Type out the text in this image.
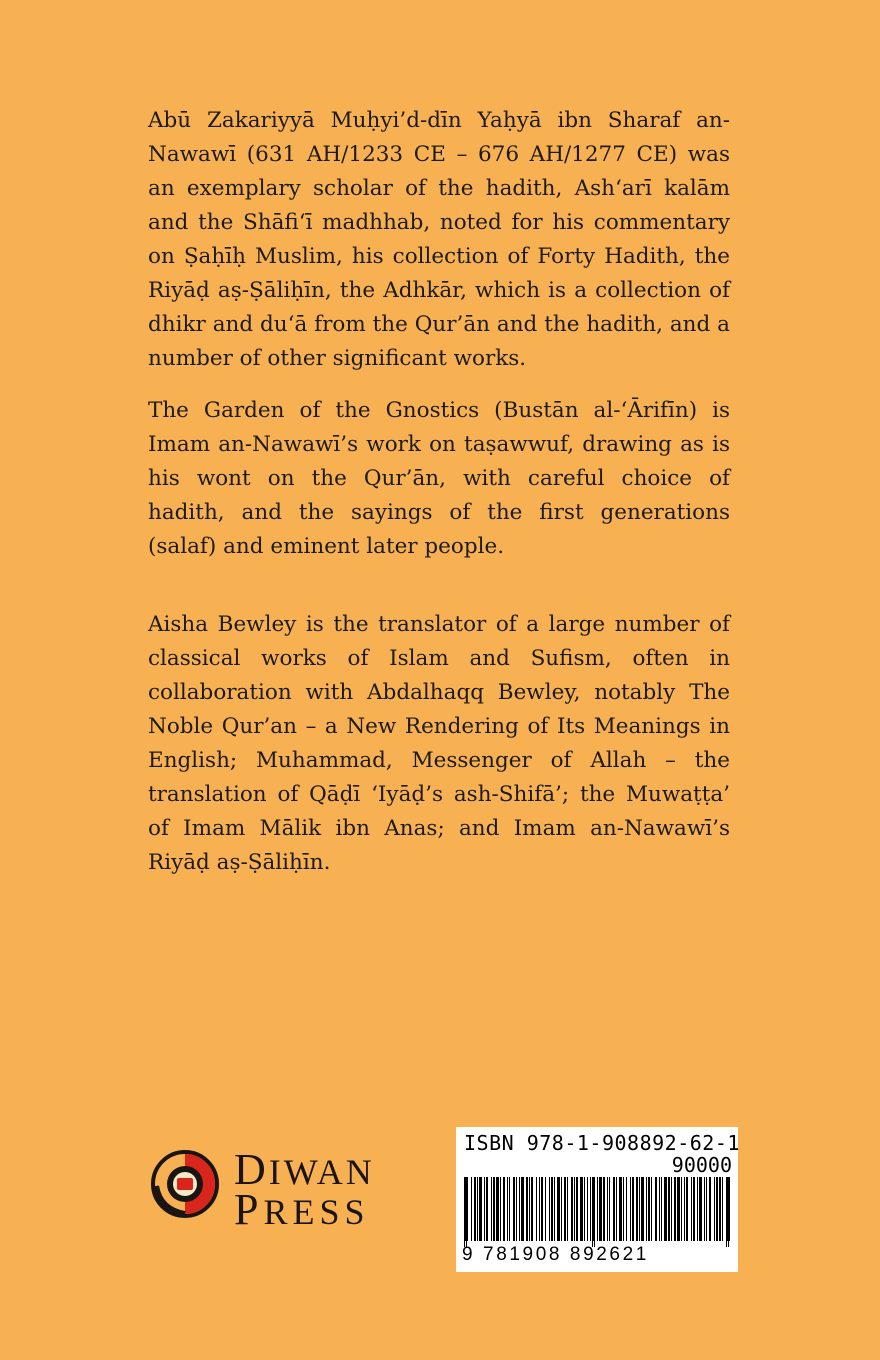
Abū Zakariyyā Muḥyi’d-dīn Yaḥyā ibn Sharaf an-Nawawī (631 AH/1233 CE – 676 AH/1277 CE) was an exemplary scholar of the hadith, Ash‘arī kalām and the Shāfi‘ī madhhab, noted for his commentary on Ṣaḥīḥ Muslim, his collection of Forty Hadith, the Riyāḍ aṣ-Ṣāliḥīn, the Adhkār, which is a collection of dhikr and du‘ā from the Qur’ān and the hadith, and a number of other significant works.
The Garden of the Gnostics (Bustān al-‘Ārifīn) is Imam an-Nawawī’s work on taṣawwuf, drawing as is his wont on the Qur’ān, with careful choice of hadith, and the sayings of the first generations (salaf) and eminent later people.
Aisha Bewley is the translator of a large number of classical works of Islam and Sufism, often in collaboration with Abdalhaqq Bewley, notably The Noble Qur’an – a New Rendering of Its Meanings in English; Muhammad, Messenger of Allah – the translation of Qāḍī ‘Iyāḍ’s ash-Shifā’; the Muwaṭṭa’ of Imam Mālik ibn Anas; and Imam an-Nawawī’s Riyāḍ aṣ-Ṣāliḥīn.
DIWAN
PRESS
ISBN 978-1-908892-62-1
90000
9 781908 892621
